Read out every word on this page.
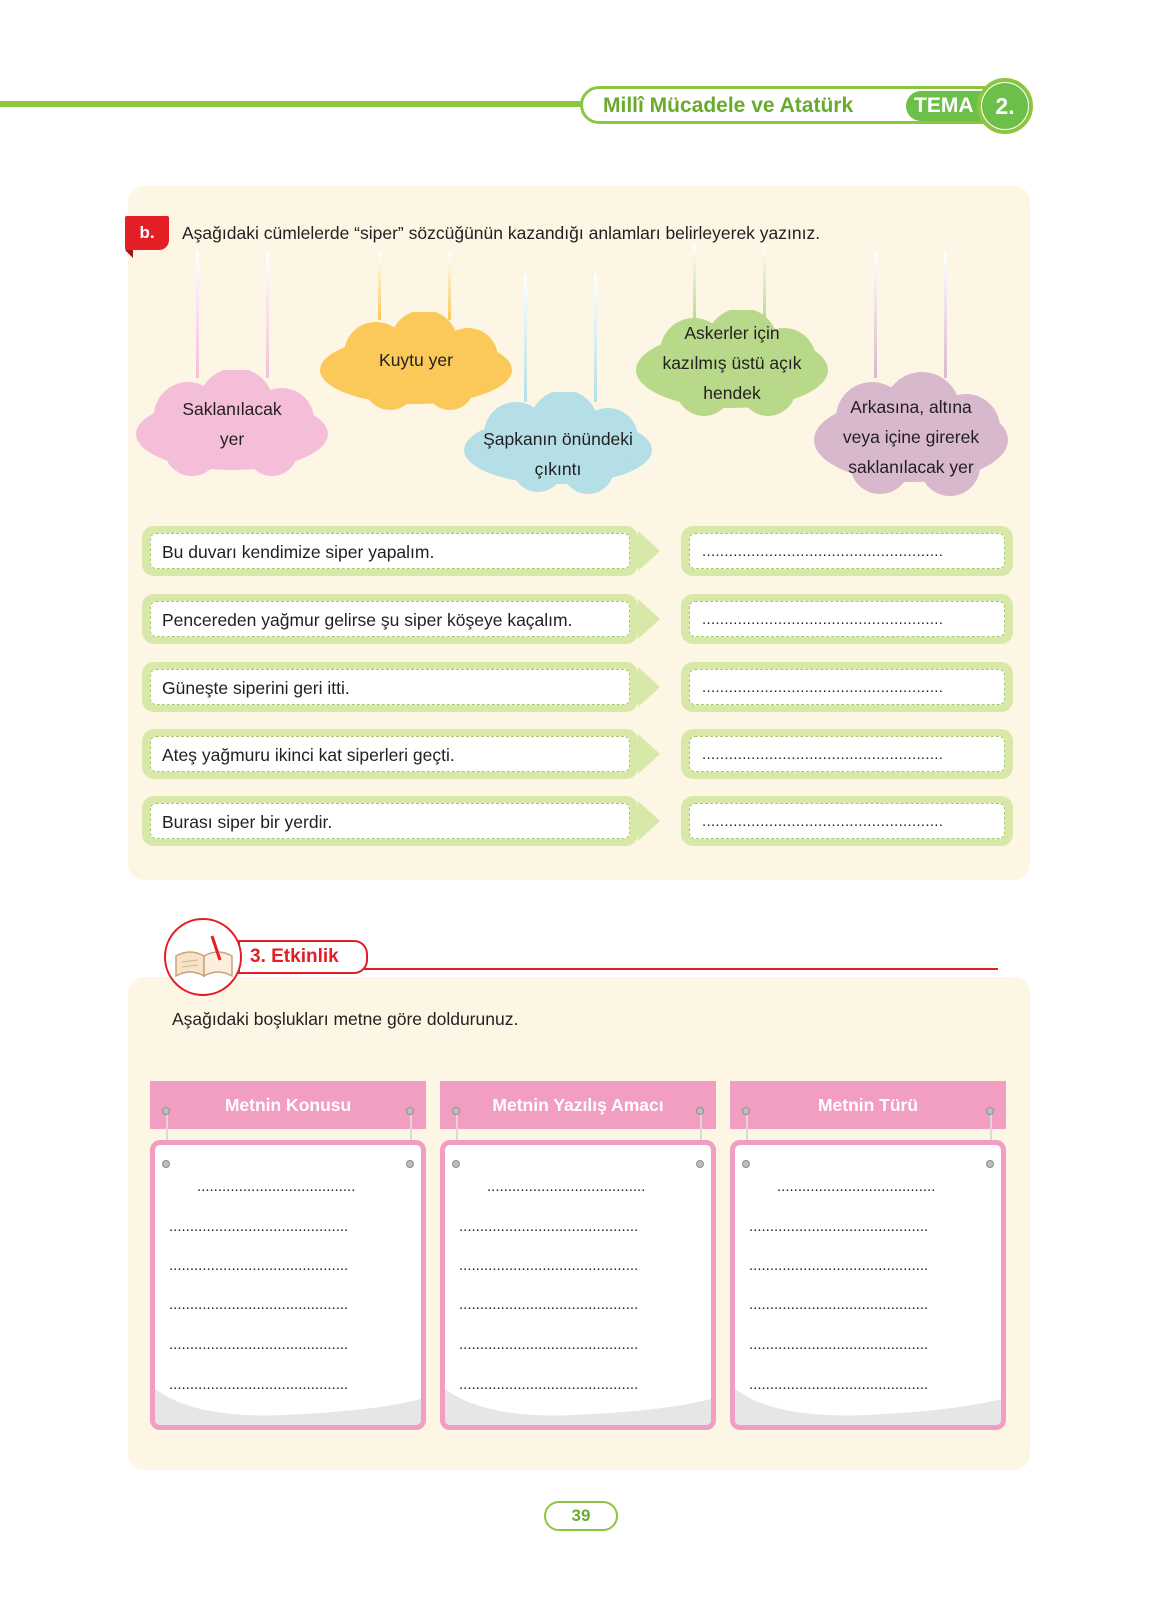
Millî Mücadele ve Atatürk	TEMA 2.
b.	Aşağıdaki cümlelerde “siper” sözcüğünün kazandığı anlamları belirleyerek yazınız.
Saklanılacak
yer
Kuytu yer
Şapkanın önündeki
çıkıntı
Askerler için
kazılmış üstü açık
hendek
Arkasına, altına
veya içine girerek
saklanılacak yer
Bu duvarı kendimize siper yapalım.	......................................................
Pencereden yağmur gelirse şu siper köşeye kaçalım.	......................................................
Güneşte siperini geri itti.	......................................................
Ateş yağmuru ikinci kat siperleri geçti.	......................................................
Burası siper bir yerdir.	......................................................
3. Etkinlik
Aşağıdaki boşlukları metne göre doldurunuz.
Metnin Konusu
......................................
...........................................
...........................................
...........................................
...........................................
...........................................
Metnin Yazılış Amacı
......................................
...........................................
...........................................
...........................................
...........................................
...........................................
Metnin Türü
......................................
...........................................
...........................................
...........................................
...........................................
...........................................
39
